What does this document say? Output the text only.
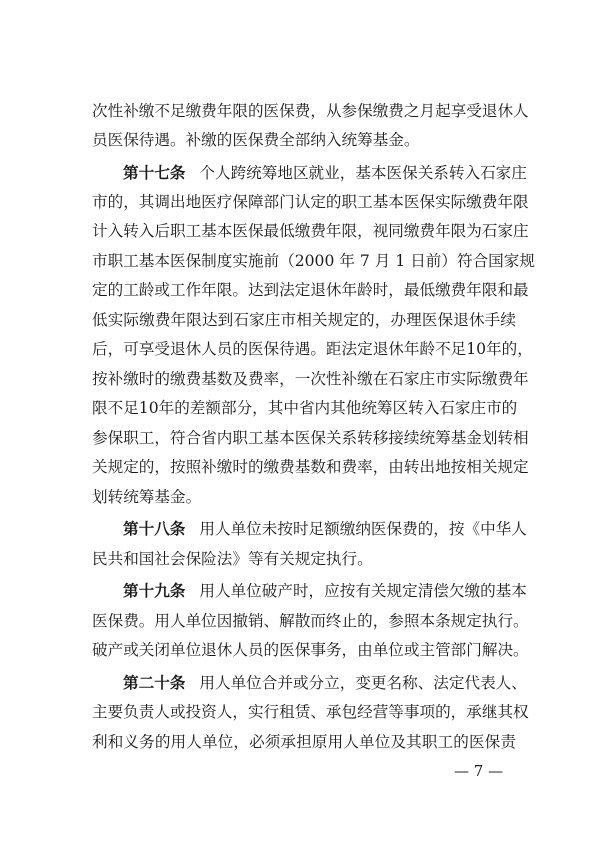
次性补缴不足缴费年限的医保费，从参保缴费之月起享受退休人
员医保待遇。补缴的医保费全部纳入统筹基金。
第十七条 个人跨统筹地区就业，基本医保关系转入石家庄
市的，其调出地医疗保障部门认定的职工基本医保实际缴费年限
计入转入后职工基本医保最低缴费年限，视同缴费年限为石家庄
市职工基本医保制度实施前（2000 年 7 月 1 日前）符合国家规
定的工龄或工作年限。达到法定退休年龄时，最低缴费年限和最
低实际缴费年限达到石家庄市相关规定的，办理医保退休手续
后，可享受退休人员的医保待遇。距法定退休年龄不足10年的，
按补缴时的缴费基数及费率，一次性补缴在石家庄市实际缴费年
限不足10年的差额部分，其中省内其他统筹区转入石家庄市的
参保职工，符合省内职工基本医保关系转移接续统筹基金划转相
关规定的，按照补缴时的缴费基数和费率，由转出地按相关规定
划转统筹基金。
第十八条 用人单位未按时足额缴纳医保费的，按《中华人
民共和国社会保险法》等有关规定执行。
第十九条 用人单位破产时，应按有关规定清偿欠缴的基本
医保费。用人单位因撤销、解散而终止的，参照本条规定执行。
破产或关闭单位退休人员的医保事务，由单位或主管部门解决。
第二十条 用人单位合并或分立，变更名称、法定代表人、
主要负责人或投资人，实行租赁、承包经营等事项的，承继其权
利和义务的用人单位，必须承担原用人单位及其职工的医保责
— 7 —
